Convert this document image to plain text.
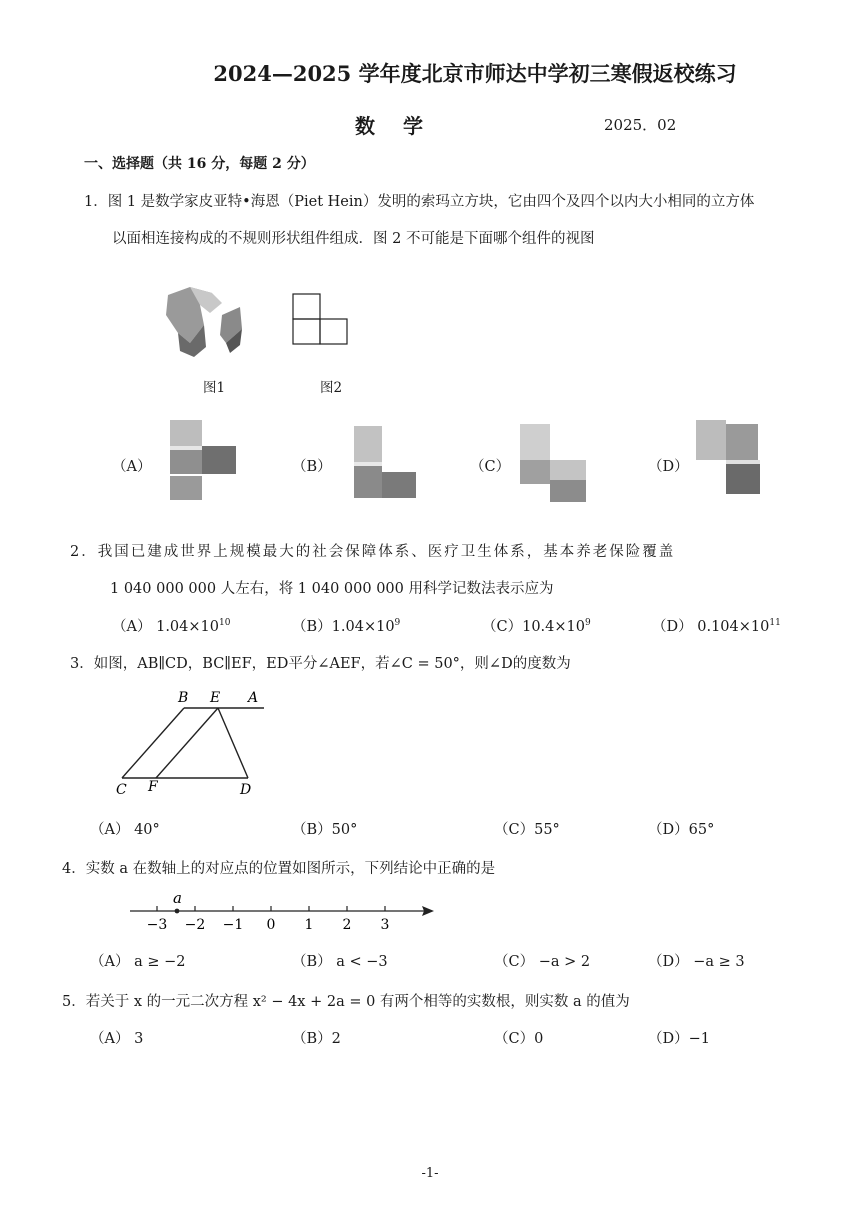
2024—2025 学年度北京市师达中学初三寒假返校练习
数学	2025．02
一、选择题（共 16 分，每题 2 分）
1．图 1 是数学家皮亚特•海恩（Piet Hein）发明的索玛立方块，它由四个及四个以内大小相同的立方体
以面相连接构成的不规则形状组件组成．图 2 不可能是下面哪个组件的视图
图1	图2
（A）	（B）	（C）	（D）
2．我国已建成世界上规模最大的社会保障体系、医疗卫生体系，基本养老保险覆盖
1 040 000 000 人左右，将 1 040 000 000 用科学记数法表示应为
（A） $1.04\times 10^{10}$	$(B)1.04\times 10^9$	$(C)10.4\times 10^9$	（D） $0.104\times 10^{11}$
3．如图，AB∥CD，BC∥EF，ED平分∠AEF，若∠C = 50°，则∠D的度数为
B E A
C F	D
（A） 40°	（B）50°	（C）55°	（D）65°
4．实数 a 在数轴上的对应点的位置如图所示，下列结论中正确的是
a
−3 −2 −1 0 1 2 3
（A） a ≥ −2	（B） a < −3	（C） −a > 2	（D） −a ≥ 3
5．若关于 x 的一元二次方程 x² − 4x + 2a = 0 有两个相等的实数根，则实数 a 的值为
（A） 3	（B）2	（C）0	（D）−1
-1-
